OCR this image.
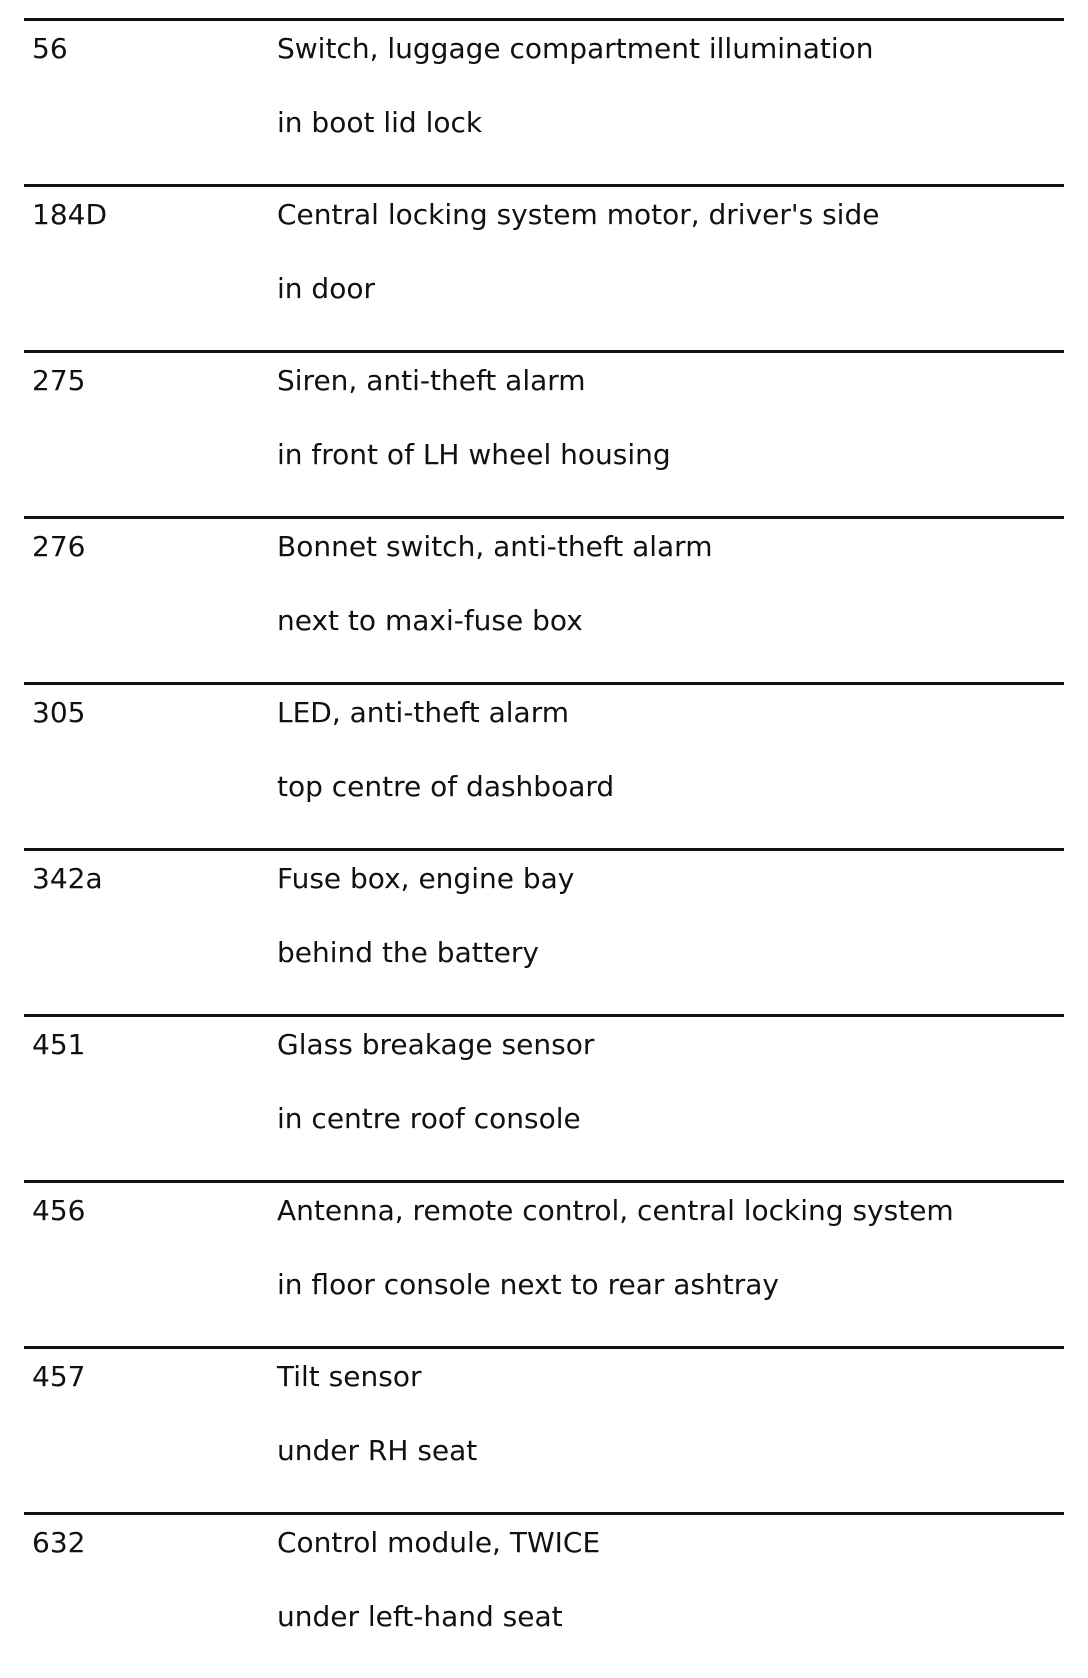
56	Switch, luggage compartment illumination
in boot lid lock
184D	Central locking system motor, driver's side
in door
275	Siren, anti-theft alarm
in front of LH wheel housing
276	Bonnet switch, anti-theft alarm
next to maxi-fuse box
305	LED, anti-theft alarm
top centre of dashboard
342a	Fuse box, engine bay
behind the battery
451	Glass breakage sensor
in centre roof console
456	Antenna, remote control, central locking system
in floor console next to rear ashtray
457	Tilt sensor
under RH seat
632	Control module, TWICE
under left-hand seat
